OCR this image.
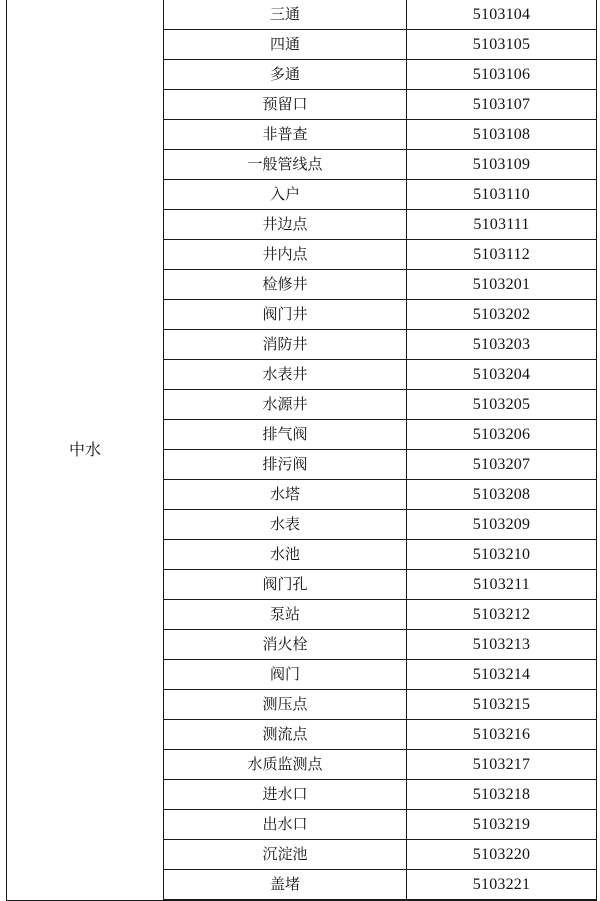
中水	三通	5103104
	四通	5103105
	多通	5103106
	预留口	5103107
	非普查	5103108
	一般管线点	5103109
	入户	5103110
	井边点	5103111
	井内点	5103112
	检修井	5103201
	阀门井	5103202
	消防井	5103203
	水表井	5103204
	水源井	5103205
	排气阀	5103206
	排污阀	5103207
	水塔	5103208
	水表	5103209
	水池	5103210
	阀门孔	5103211
	泵站	5103212
	消火栓	5103213
	阀门	5103214
	测压点	5103215
	测流点	5103216
	水质监测点	5103217
	进水口	5103218
	出水口	5103219
	沉淀池	5103220
	盖堵	5103221
